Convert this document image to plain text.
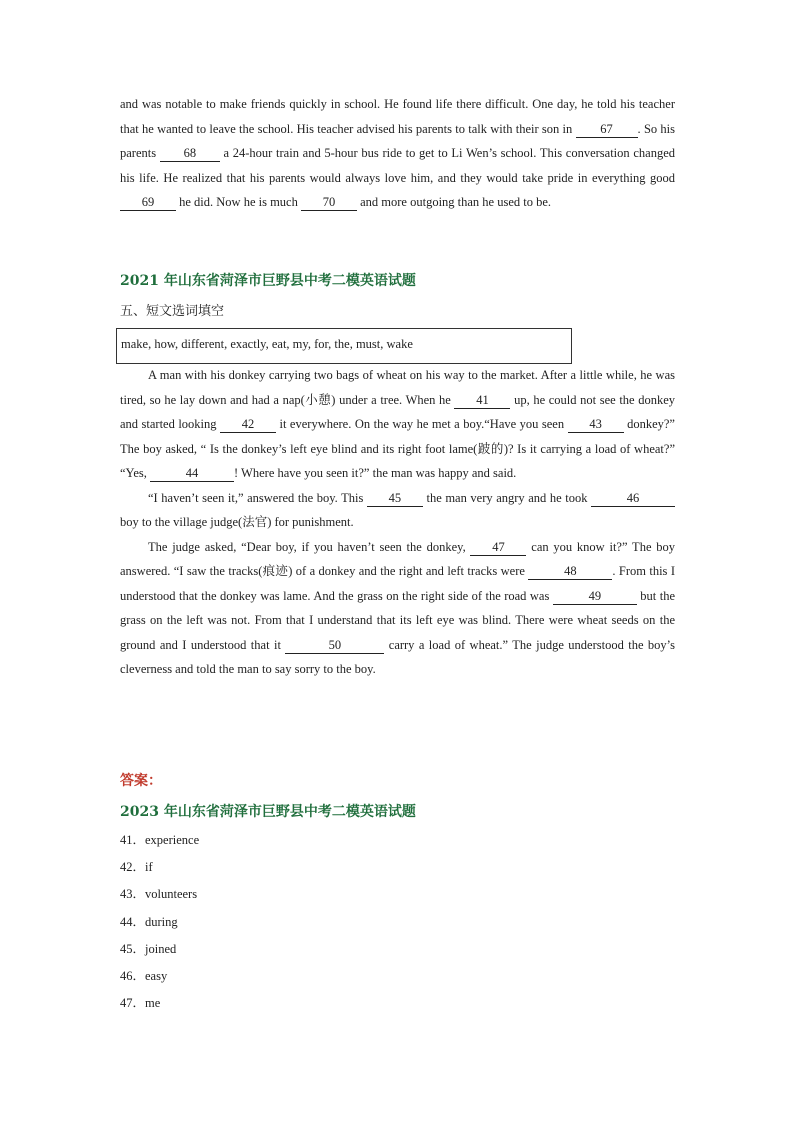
and was notable to make friends quickly in school. He found life there difficult. One day, he told his teacher that he wanted to leave the school. His teacher advised his parents to talk with their son in 67 . So his parents 68 a 24-hour train and 5-hour bus ride to get to Li Wen’s school. This conversation changed his life. He realized that his parents would always love him, and they would take pride in everything good 69 he did. Now he is much 70 and more outgoing than he used to be.
2021 年山东省菏泽市巨野县中考二模英语试题
五、短文选词填空
make, how, different, exactly, eat, my, for, the, must, wake
A man with his donkey carrying two bags of wheat on his way to the market. After a little while, he was tired, so he lay down and had a nap(小憩) under a tree. When he 41 up, he could not see the donkey and started looking 42 it everywhere. On the way he met a boy.“Have you seen 43 donkey?” The boy asked, “ Is the donkey’s left eye blind and its right foot lame(跛的)? Is it carrying a load of wheat?” “Yes,	44	! Where have you seen it?” the man was happy and said.
“I haven’t seen it,” answered the boy. This 45 the man very angry and he took	46 boy to the village judge(法官) for punishment.
The judge asked, “Dear boy, if you haven’t seen the donkey, 47 can you know it?” The boy answered. “I saw the tracks(痕迹) of a donkey and the right and left tracks were	48	. From this I understood that the donkey was lame. And the grass on the right side of the road was	49	but the grass on the left was not. From that I understand that its left eye was blind. There were wheat seeds on the ground and I understood that it	50	carry a load of wheat.” The judge understood the boy’s cleverness and told the man to say sorry to the boy.
答案：
2023 年山东省菏泽市巨野县中考二模英语试题
41．experience
42．if
43．volunteers
44．during
45．joined
46．easy
47．me
